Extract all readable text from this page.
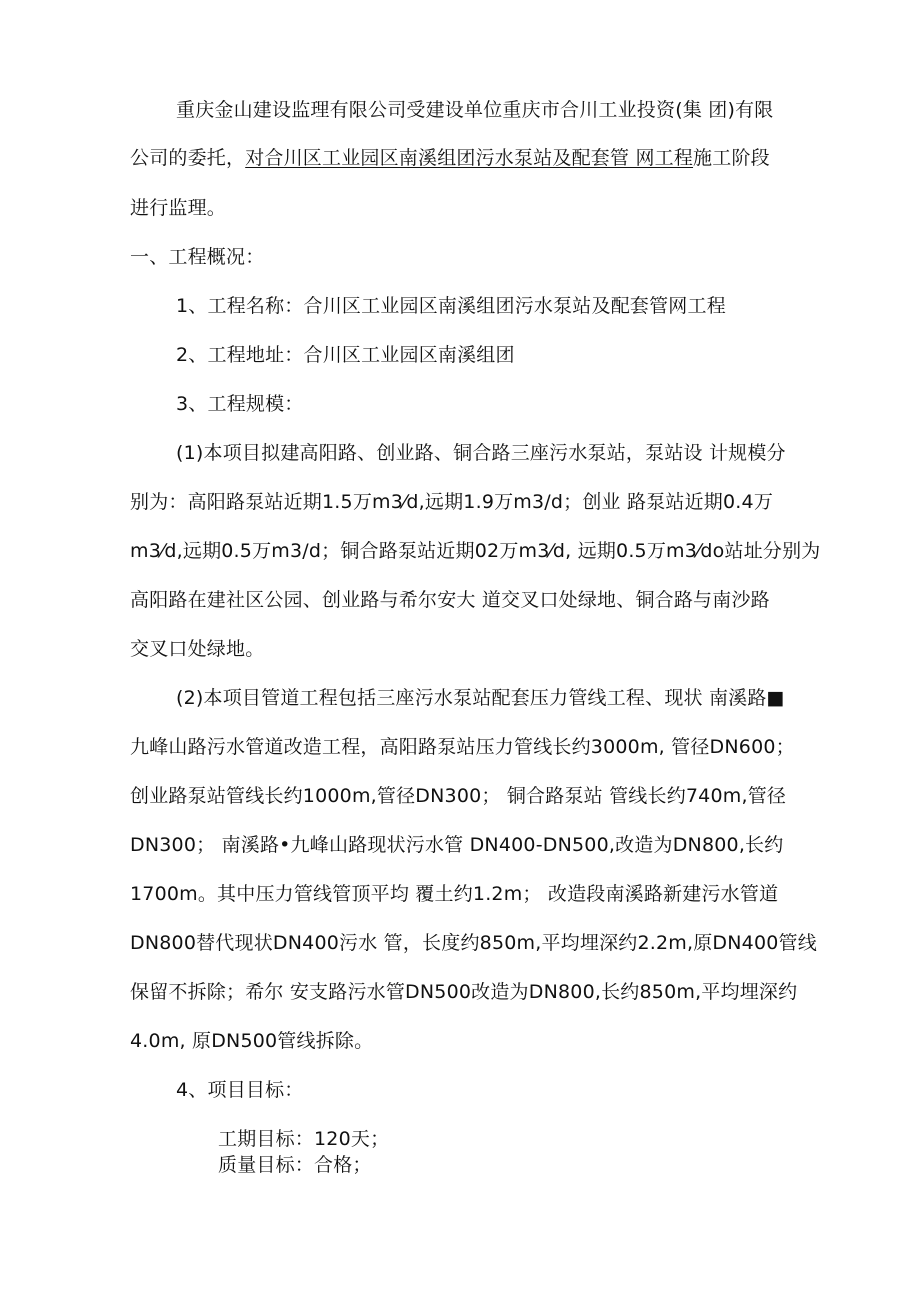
重庆金山建设监理有限公司受建设单位重庆市合川工业投资(集 团)有限
公司的委托，对合川区工业园区南溪组团污水泵站及配套管 网工程施工阶段
进行监理。
一、工程概况：
1、工程名称：合川区工业园区南溪组团污水泵站及配套管网工程
2、工程地址：合川区工业园区南溪组团
3、工程规模：
(1)本项目拟建高阳路、创业路、铜合路三座污水泵站，泵站设 计规模分
别为：高阳路泵站近期1.5万m3⁄d,远期1.9万m3/d；创业 路泵站近期0.4万
m3⁄d,远期0.5万m3/d；铜合路泵站近期02万m3⁄d, 远期0.5万m3⁄do站址分别为
高阳路在建社区公园、创业路与希尔安大 道交叉口处绿地、铜合路与南沙路
交叉口处绿地。
(2)本项目管道工程包括三座污水泵站配套压力管线工程、现状 南溪路■
九峰山路污水管道改造工程，高阳路泵站压力管线长约3000m, 管径DN600；
创业路泵站管线长约1000m,管径DN300； 铜合路泵站 管线长约740m,管径
DN300； 南溪路•九峰山路现状污水管 DN400-DN500,改造为DN800,长约
1700m。其中压力管线管顶平均 覆土约1.2m； 改造段南溪路新建污水管道
DN800替代现状DN400污水 管，长度约850m,平均埋深约2.2m,原DN400管线
保留不拆除；希尔 安支路污水管DN500改造为DN800,长约850m,平均埋深约
4.0m, 原DN500管线拆除。
4、项目目标：
工期目标：120天；
质量目标：合格；
